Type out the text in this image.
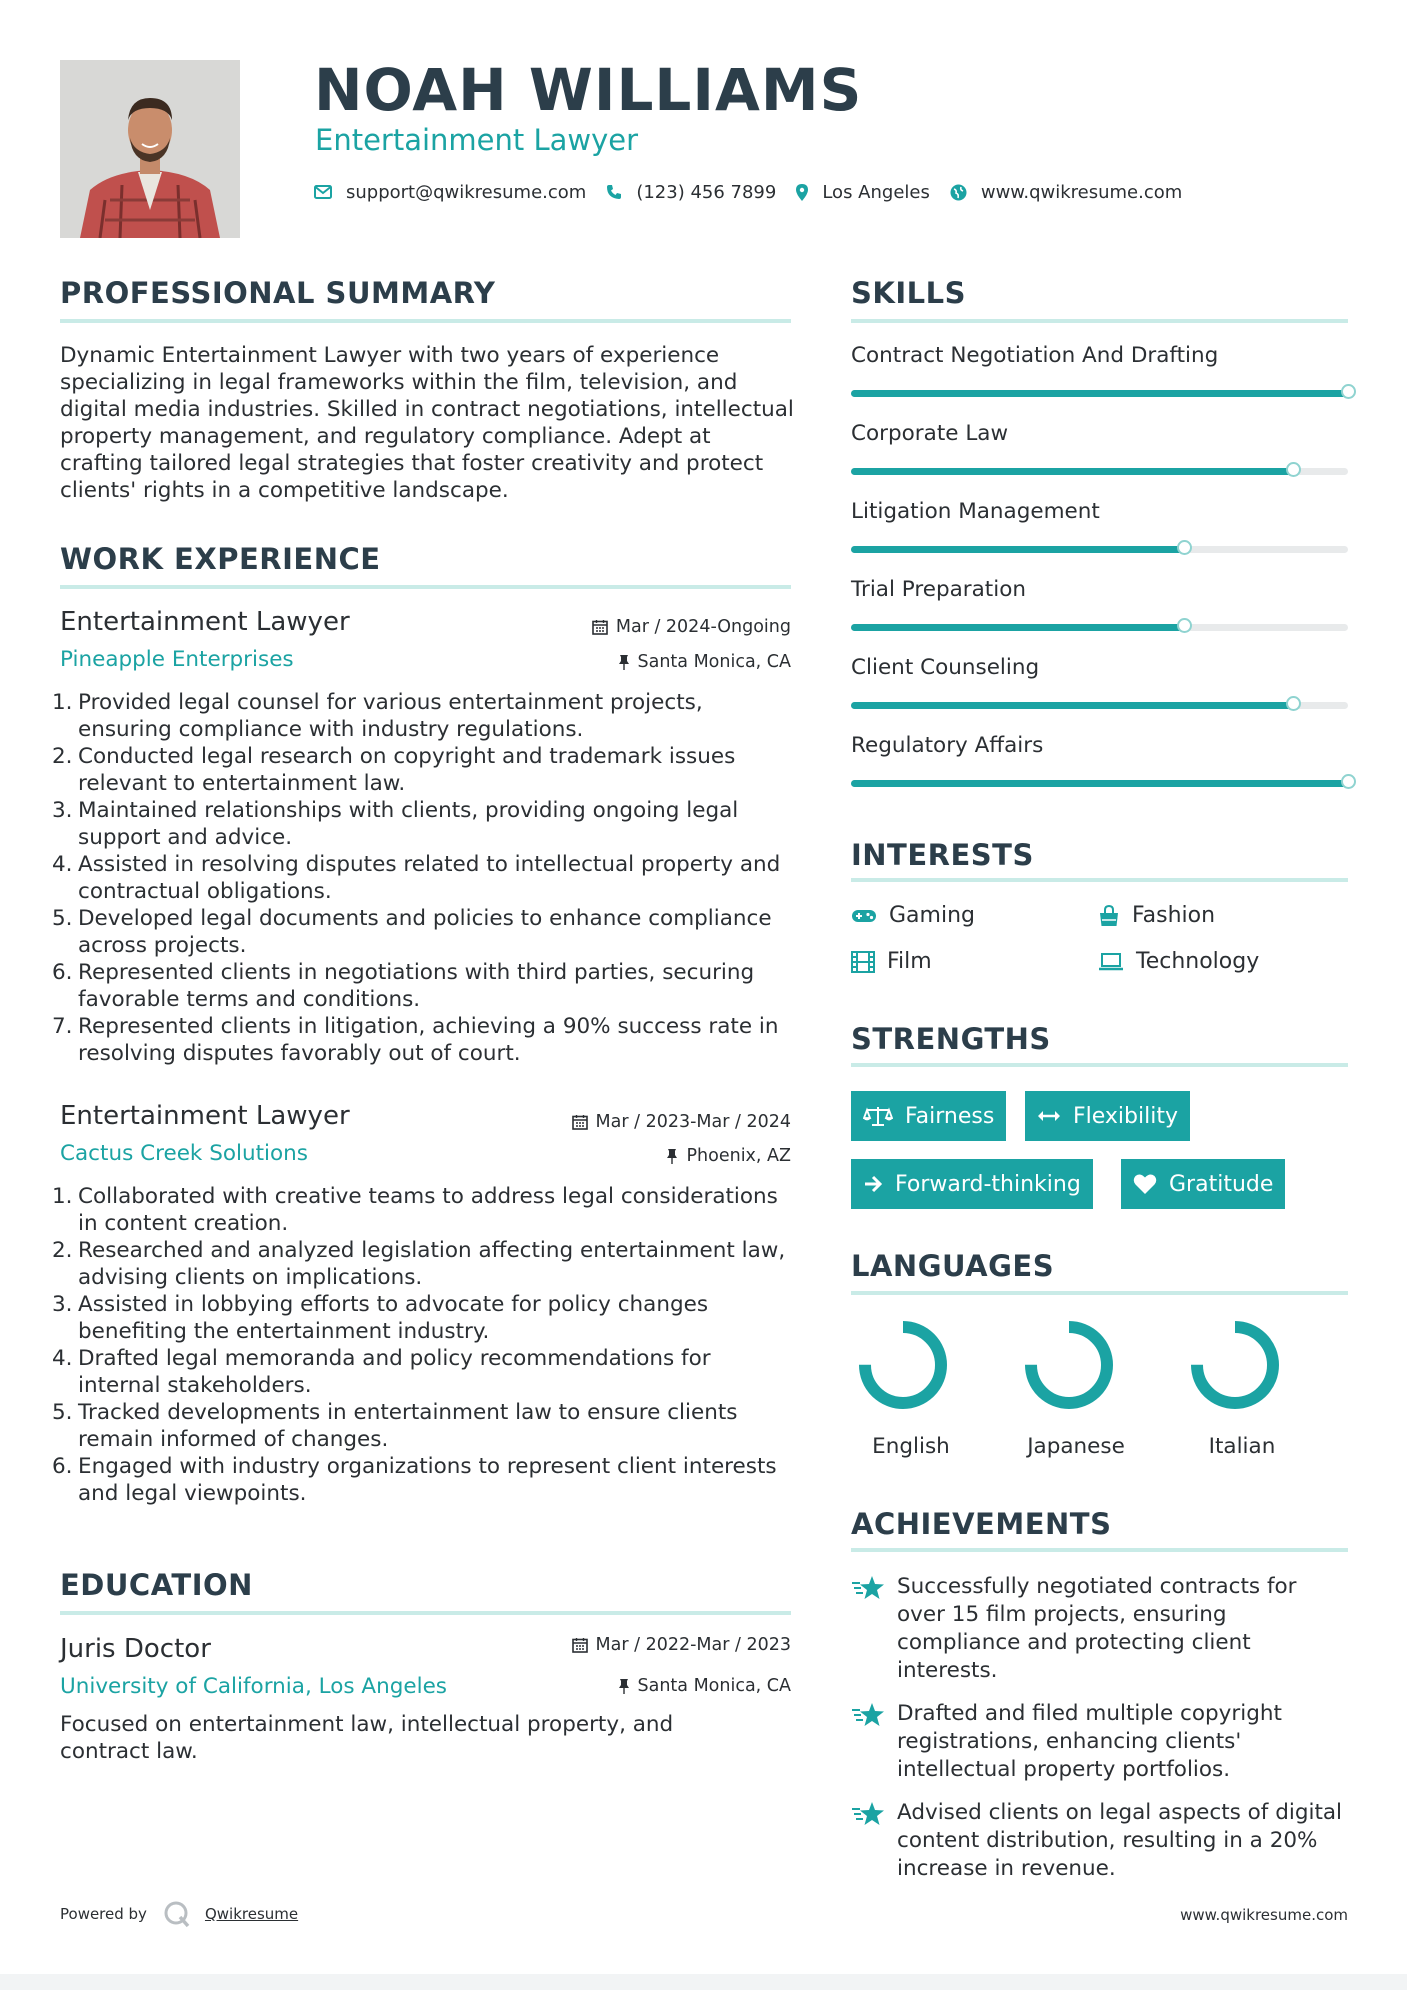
NOAH WILLIAMS
Entertainment Lawyer
support@qwikresume.com	(123) 456 7899	Los Angeles	www.qwikresume.com
PROFESSIONAL SUMMARY
Dynamic Entertainment Lawyer with two years of experience specializing in legal frameworks within the film, television, and digital media industries. Skilled in contract negotiations, intellectual property management, and regulatory compliance. Adept at crafting tailored legal strategies that foster creativity and protect clients' rights in a competitive landscape.
WORK EXPERIENCE
Entertainment Lawyer	Mar / 2024-Ongoing
Pineapple Enterprises	Santa Monica, CA
1. Provided legal counsel for various entertainment projects, ensuring compliance with industry regulations.
2. Conducted legal research on copyright and trademark issues relevant to entertainment law.
3. Maintained relationships with clients, providing ongoing legal support and advice.
4. Assisted in resolving disputes related to intellectual property and contractual obligations.
5. Developed legal documents and policies to enhance compliance across projects.
6. Represented clients in negotiations with third parties, securing favorable terms and conditions.
7. Represented clients in litigation, achieving a 90% success rate in resolving disputes favorably out of court.
Entertainment Lawyer	Mar / 2023-Mar / 2024
Cactus Creek Solutions	Phoenix, AZ
1. Collaborated with creative teams to address legal considerations in content creation.
2. Researched and analyzed legislation affecting entertainment law, advising clients on implications.
3. Assisted in lobbying efforts to advocate for policy changes benefiting the entertainment industry.
4. Drafted legal memoranda and policy recommendations for internal stakeholders.
5. Tracked developments in entertainment law to ensure clients remain informed of changes.
6. Engaged with industry organizations to represent client interests and legal viewpoints.
EDUCATION
Juris Doctor	Mar / 2022-Mar / 2023
University of California, Los Angeles	Santa Monica, CA
Focused on entertainment law, intellectual property, and contract law.
SKILLS
Contract Negotiation And Drafting
Corporate Law
Litigation Management
Trial Preparation
Client Counseling
Regulatory Affairs
INTERESTS
Gaming	Fashion
Film	Technology
STRENGTHS
Fairness	Flexibility
Forward-thinking	Gratitude
LANGUAGES
English	Japanese	Italian
ACHIEVEMENTS
Successfully negotiated contracts for over 15 film projects, ensuring compliance and protecting client interests.
Drafted and filed multiple copyright registrations, enhancing clients' intellectual property portfolios.
Advised clients on legal aspects of digital content distribution, resulting in a 20% increase in revenue.
Powered by	Qwikresume	www.qwikresume.com
